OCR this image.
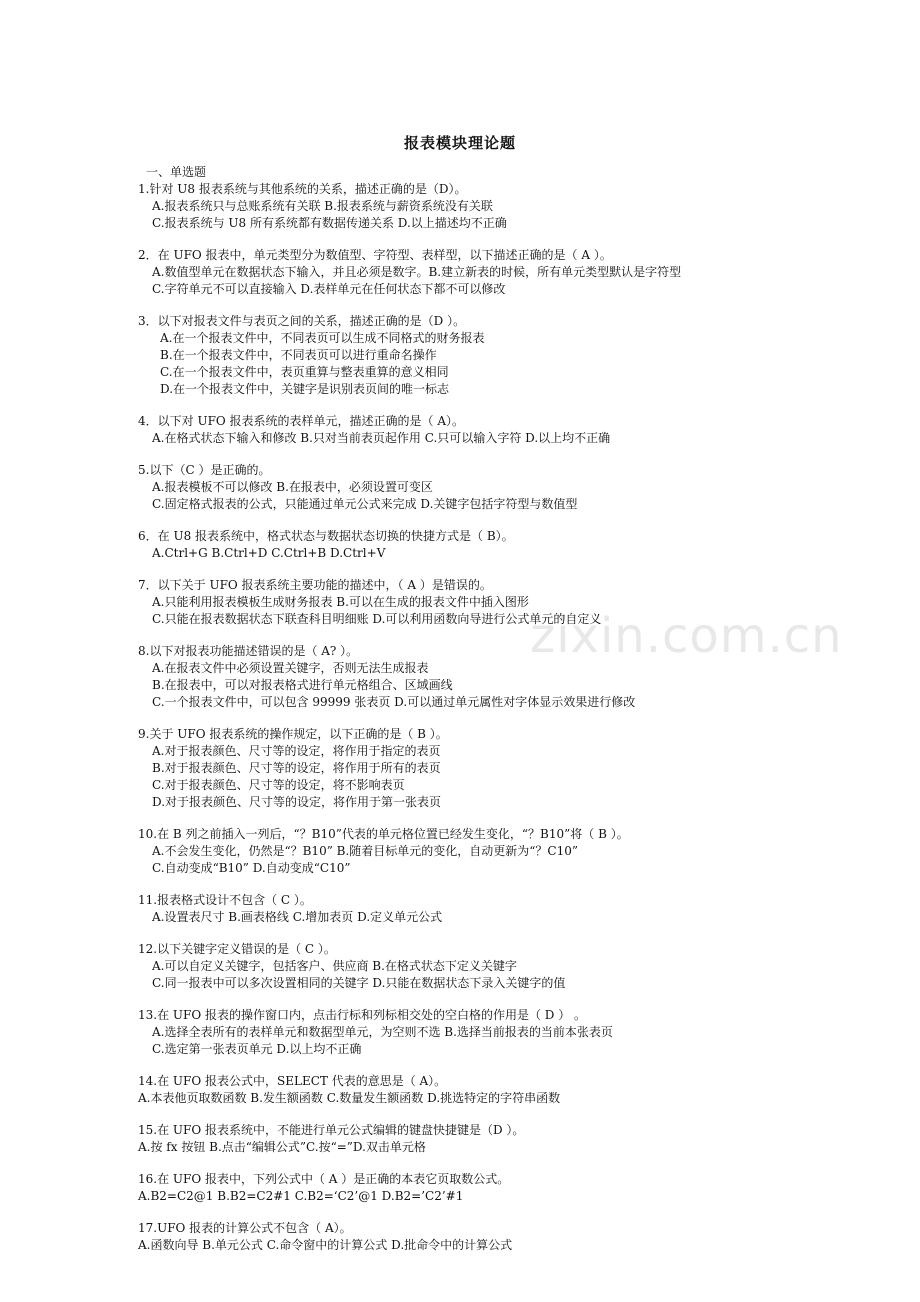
zixin.com.cn
报表模块理论题
一、单选题
1.针对 U8 报表系统与其他系统的关系，描述正确的是（D）。
A.报表系统只与总账系统有关联 B.报表系统与薪资系统没有关联
C.报表系统与 U8 所有系统都有数据传递关系 D.以上描述均不正确
2．在 UFO 报表中，单元类型分为数值型、字符型、表样型，以下描述正确的是（ A ）。
A.数值型单元在数据状态下输入，并且必须是数字。B.建立新表的时候，所有单元类型默认是字符型
C.字符单元不可以直接输入 D.表样单元在任何状态下都不可以修改
3．以下对报表文件与表页之间的关系，描述正确的是（D ）。
A.在一个报表文件中，不同表页可以生成不同格式的财务报表
B.在一个报表文件中，不同表页可以进行重命名操作
C.在一个报表文件中，表页重算与整表重算的意义相同
D.在一个报表文件中，关键字是识别表页间的唯一标志
4．以下对 UFO 报表系统的表样单元，描述正确的是（ A）。
A.在格式状态下输入和修改 B.只对当前表页起作用 C.只可以输入字符 D.以上均不正确
5.以下（C ）是正确的。
A.报表模板不可以修改 B.在报表中，必须设置可变区
C.固定格式报表的公式，只能通过单元公式来完成 D.关键字包括字符型与数值型
6．在 U8 报表系统中，格式状态与数据状态切换的快捷方式是（ B）。
A.Ctrl+G B.Ctrl+D C.Ctrl+B D.Ctrl+V
7．以下关于 UFO 报表系统主要功能的描述中，（ A ）是错误的。
A.只能利用报表模板生成财务报表 B.可以在生成的报表文件中插入图形
C.只能在报表数据状态下联查科目明细账 D.可以利用函数向导进行公式单元的自定义
8.以下对报表功能描述错误的是（ A? ）。
A.在报表文件中必须设置关键字，否则无法生成报表
B.在报表中，可以对报表格式进行单元格组合、区域画线
C.一个报表文件中，可以包含 99999 张表页 D.可以通过单元属性对字体显示效果进行修改
9.关于 UFO 报表系统的操作规定，以下正确的是（ B ）。
A.对于报表颜色、尺寸等的设定，将作用于指定的表页
B.对于报表颜色、尺寸等的设定，将作用于所有的表页
C.对于报表颜色、尺寸等的设定，将不影响表页
D.对于报表颜色、尺寸等的设定，将作用于第一张表页
10.在 B 列之前插入一列后，“？B10”代表的单元格位置已经发生变化，“？B10”将（ B ）。
A.不会发生变化，仍然是“？B10” B.随着目标单元的变化，自动更新为“？C10”
C.自动变成“B10” D.自动变成“C10”
11.报表格式设计不包含（ C ）。
A.设置表尺寸 B.画表格线 C.增加表页 D.定义单元公式
12.以下关键字定义错误的是（ C ）。
A.可以自定义关键字，包括客户、供应商 B.在格式状态下定义关键字
C.同一报表中可以多次设置相同的关键字 D.只能在数据状态下录入关键字的值
13.在 UFO 报表的操作窗口内，点击行标和列标相交处的空白格的作用是（ D ） 。
A.选择全表所有的表样单元和数据型单元，为空则不选 B.选择当前报表的当前本张表页
C.选定第一张表页单元 D.以上均不正确
14.在 UFO 报表公式中，SELECT 代表的意思是（ A）。
A.本表他页取数函数 B.发生额函数 C.数量发生额函数 D.挑选特定的字符串函数
15.在 UFO 报表系统中，不能进行单元公式编辑的键盘快捷键是（D ）。
A.按 fx 按钮 B.点击“编辑公式”C.按“=”D.双击单元格
16.在 UFO 报表中，下列公式中（ A ）是正确的本表它页取数公式。
A.B2=C2@1 B.B2=C2#1 C.B2=‘C2’@1 D.B2=’C2’#1
17.UFO 报表的计算公式不包含（ A）。
A.函数向导 B.单元公式 C.命令窗中的计算公式 D.批命令中的计算公式
